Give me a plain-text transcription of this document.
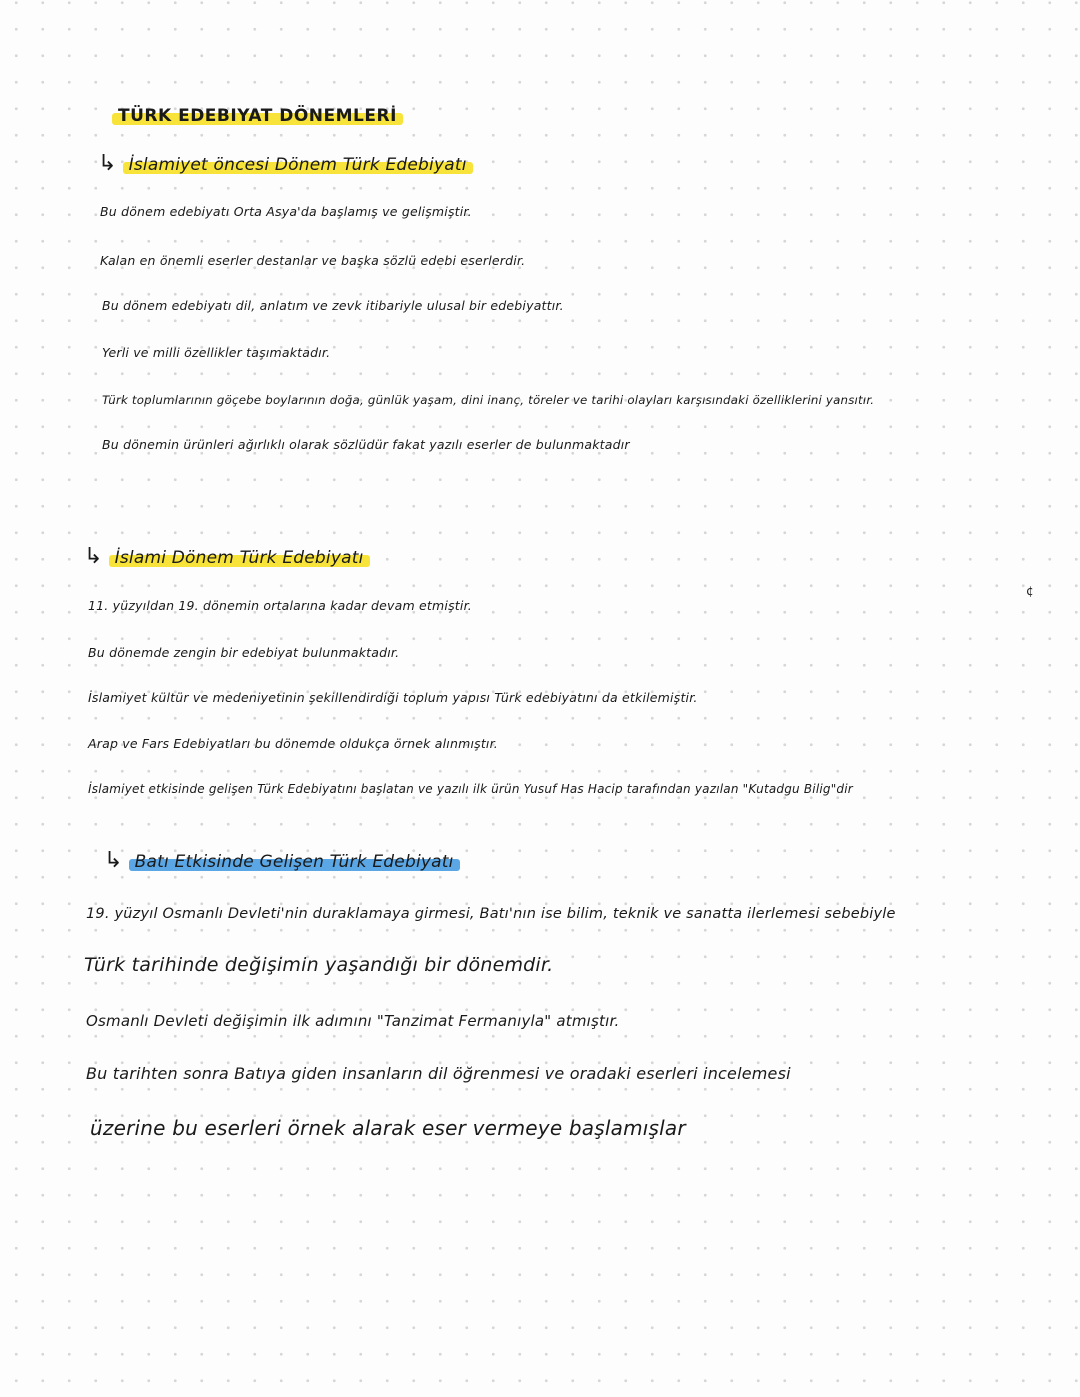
TÜRK EDEBIYAT DÖNEMLERİ
↳ İslamiyet öncesi Dönem Türk Edebiyatı
Bu dönem edebiyatı Orta Asya'da başlamış ve gelişmiştir.
Kalan en önemli eserler destanlar ve başka sözlü edebi eserlerdir.
Bu dönem edebiyatı dil, anlatım ve zevk itibariyle ulusal bir edebiyattır.
Yerli ve milli özellikler taşımaktadır.
Türk toplumlarının göçebe boylarının doğa, günlük yaşam, dini inanç, töreler ve tarihi olayları karşısındaki özelliklerini yansıtır.
Bu dönemin ürünleri ağırlıklı olarak sözlüdür fakat yazılı eserler de bulunmaktadır
↳ İslami Dönem Türk Edebiyatı
11. yüzyıldan 19. dönemin ortalarına kadar devam etmiştir.
Bu dönemde zengin bir edebiyat bulunmaktadır.
İslamiyet kültür ve medeniyetinin şekillendirdiği toplum yapısı Türk edebiyatını da etkilemiştir.
Arap ve Fars Edebiyatları bu dönemde oldukça örnek alınmıştır.
İslamiyet etkisinde gelişen Türk Edebiyatını başlatan ve yazılı ilk ürün Yusuf Has Hacip tarafından yazılan "Kutadgu Bilig"dir
↳ Batı Etkisinde Gelişen Türk Edebiyatı
19. yüzyıl Osmanlı Devleti'nin duraklamaya girmesi, Batı'nın ise bilim, teknik ve sanatta ilerlemesi sebebiyle
Türk tarihinde değişimin yaşandığı bir dönemdir.
Osmanlı Devleti değişimin ilk adımını "Tanzimat Fermanıyla" atmıştır.
Bu tarihten sonra Batıya giden insanların dil öğrenmesi ve oradaki eserleri incelemesi
üzerine bu eserleri örnek alarak eser vermeye başlamışlar
¢
